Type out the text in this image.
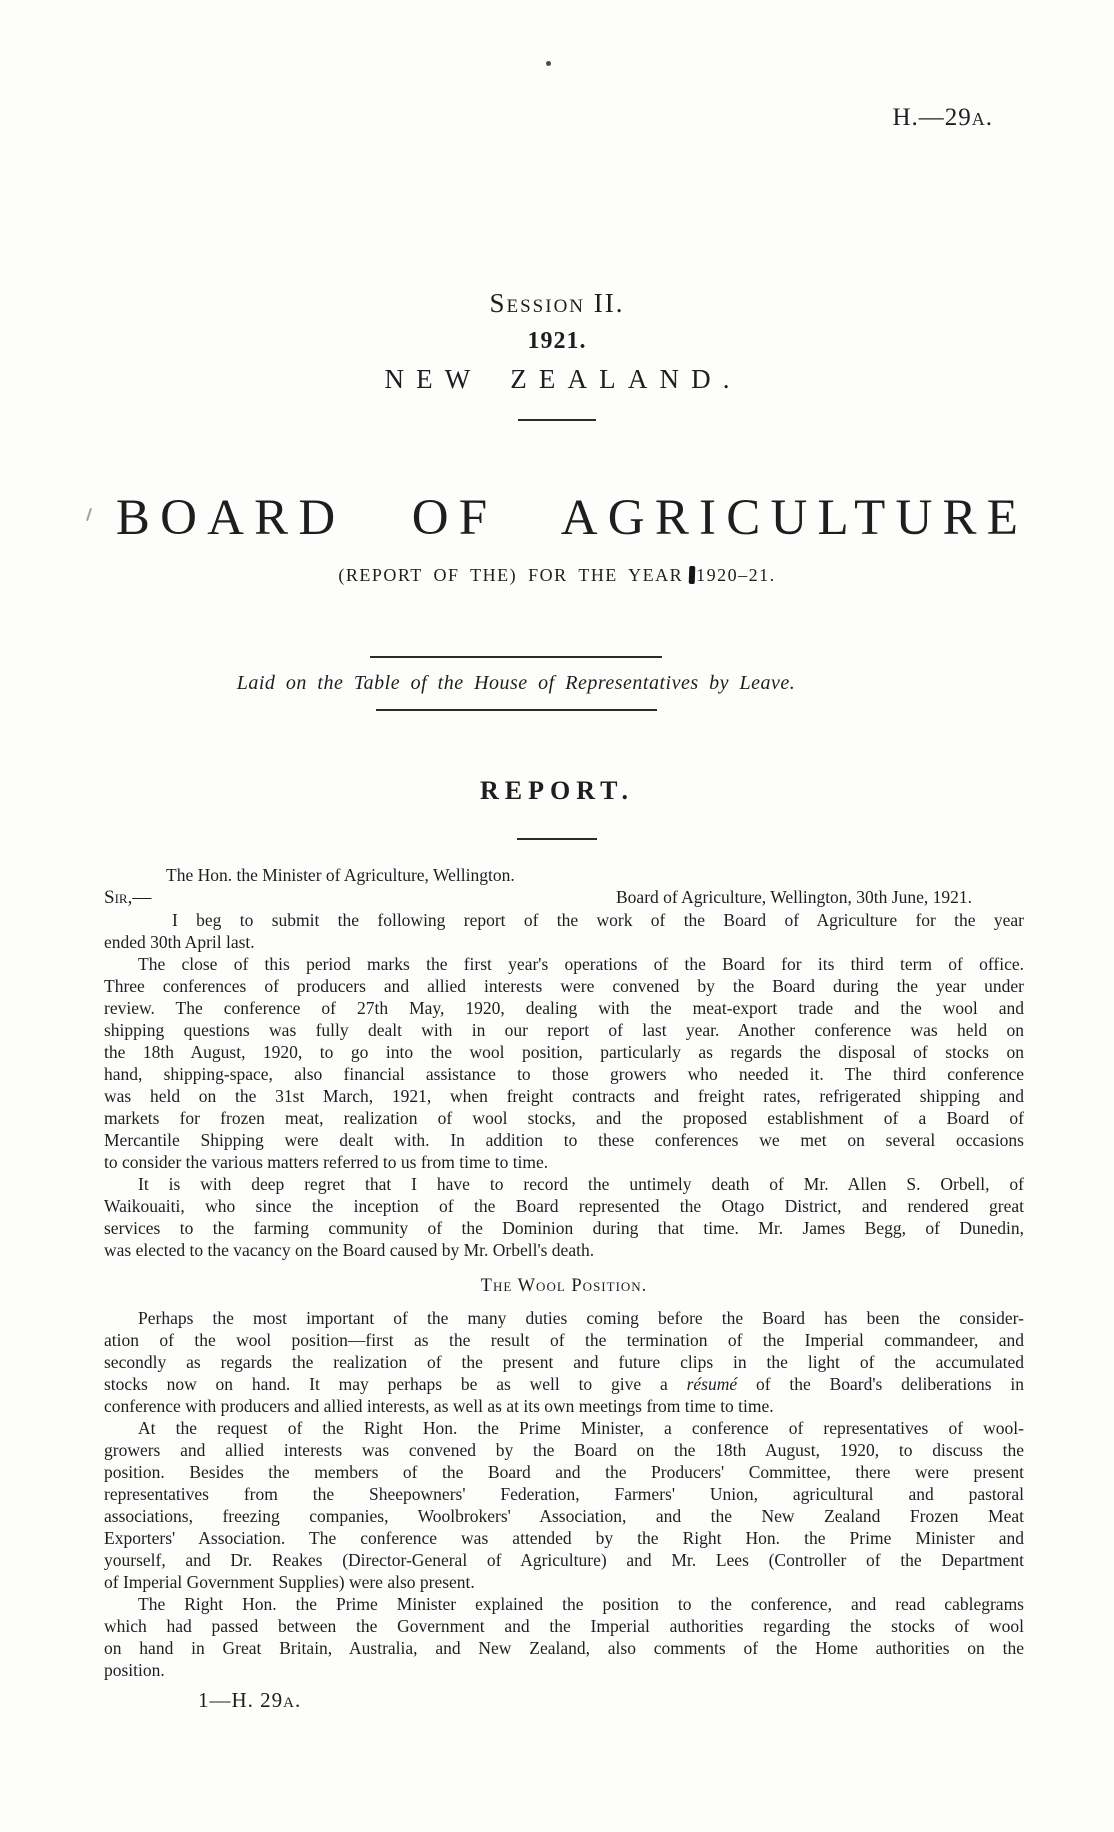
H.—29a.
Session II.
1921.
NEW ZEALAND.
BOARD OF AGRICULTURE
(REPORT OF THE) FOR THE YEAR 1920–21.
Laid on the Table of the House of Representatives by Leave.
REPORT.
The Hon. the Minister of Agriculture, Wellington.
Sir,—	Board of Agriculture, Wellington, 30th June, 1921.
I beg to submit the following report of the work of the Board of Agriculture for the year
ended 30th April last.
The close of this period marks the first year's operations of the Board for its third term of office.
Three conferences of producers and allied interests were convened by the Board during the year under
review. The conference of 27th May, 1920, dealing with the meat-export trade and the wool and
shipping questions was fully dealt with in our report of last year. Another conference was held on
the 18th August, 1920, to go into the wool position, particularly as regards the disposal of stocks on
hand, shipping-space, also financial assistance to those growers who needed it. The third conference
was held on the 31st March, 1921, when freight contracts and freight rates, refrigerated shipping and
markets for frozen meat, realization of wool stocks, and the proposed establishment of a Board of
Mercantile Shipping were dealt with. In addition to these conferences we met on several occasions
to consider the various matters referred to us from time to time.
It is with deep regret that I have to record the untimely death of Mr. Allen S. Orbell, of
Waikouaiti, who since the inception of the Board represented the Otago District, and rendered great
services to the farming community of the Dominion during that time. Mr. James Begg, of Dunedin,
was elected to the vacancy on the Board caused by Mr. Orbell's death.
The Wool Position.
Perhaps the most important of the many duties coming before the Board has been the consider-
ation of the wool position—first as the result of the termination of the Imperial commandeer, and
secondly as regards the realization of the present and future clips in the light of the accumulated
stocks now on hand. It may perhaps be as well to give a résumé of the Board's deliberations in
conference with producers and allied interests, as well as at its own meetings from time to time.
At the request of the Right Hon. the Prime Minister, a conference of representatives of wool-
growers and allied interests was convened by the Board on the 18th August, 1920, to discuss the
position. Besides the members of the Board and the Producers' Committee, there were present
representatives from the Sheepowners' Federation, Farmers' Union, agricultural and pastoral
associations, freezing companies, Woolbrokers' Association, and the New Zealand Frozen Meat
Exporters' Association. The conference was attended by the Right Hon. the Prime Minister and
yourself, and Dr. Reakes (Director-General of Agriculture) and Mr. Lees (Controller of the Department
of Imperial Government Supplies) were also present.
The Right Hon. the Prime Minister explained the position to the conference, and read cablegrams
which had passed between the Government and the Imperial authorities regarding the stocks of wool
on hand in Great Britain, Australia, and New Zealand, also comments of the Home authorities on the
position.
1—H. 29a.
